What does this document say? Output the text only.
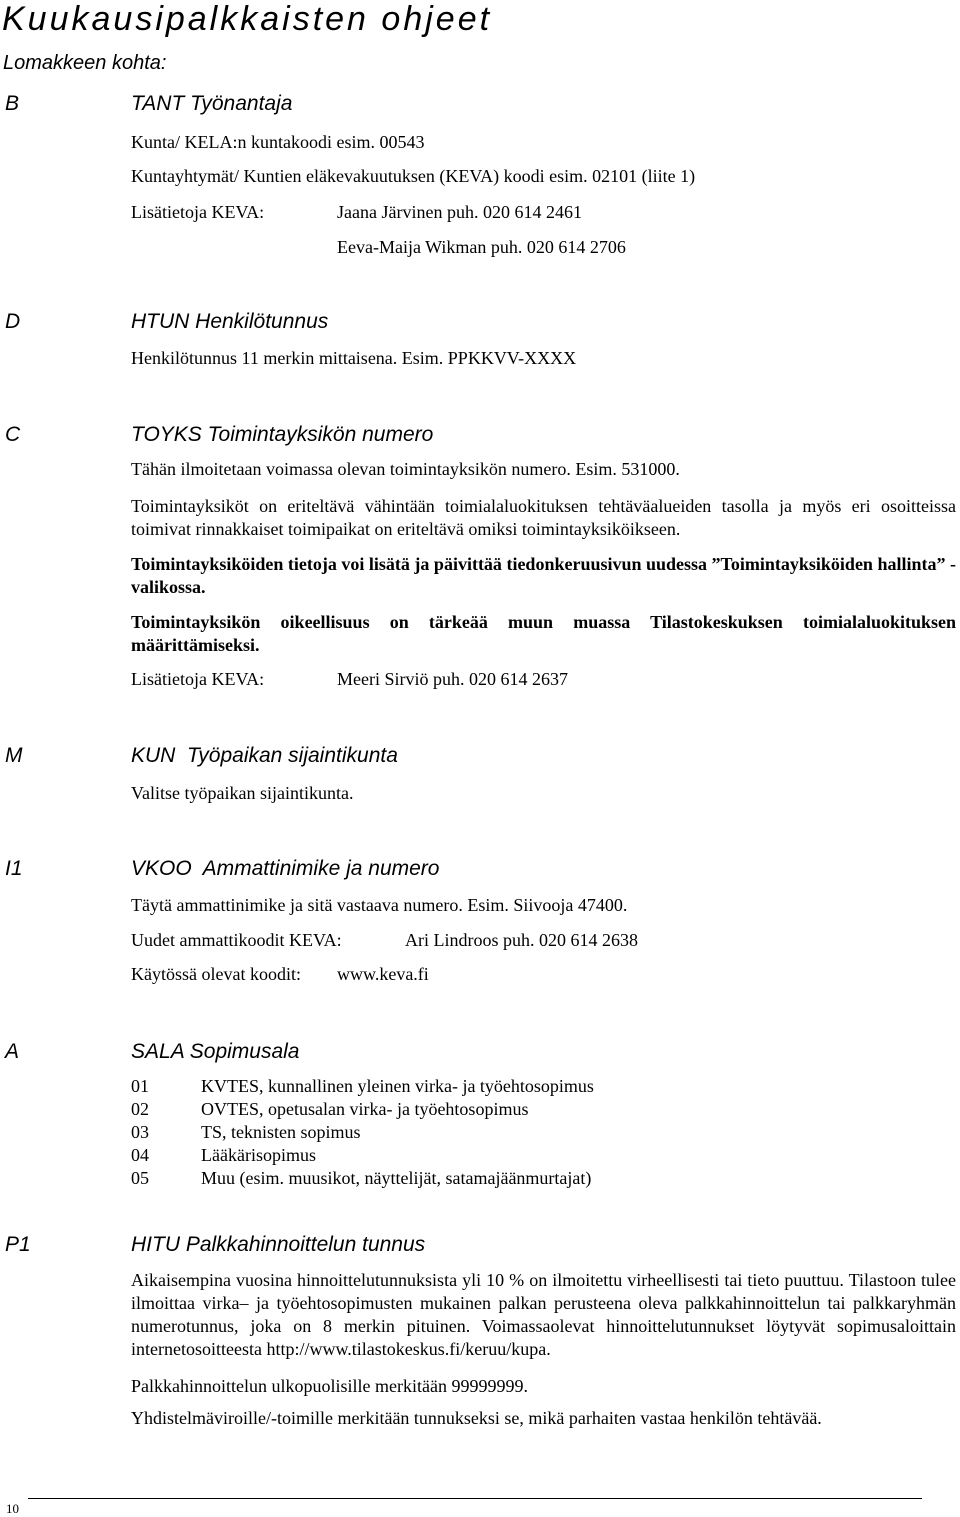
Kuukausipalkkaisten ohjeet
Lomakkeen kohta:
B	TANT Työnantaja
Kunta/ KELA:n kuntakoodi esim. 00543
Kuntayhtymät/ Kuntien eläkevakuutuksen (KEVA) koodi esim. 02101 (liite 1)
Lisätietoja KEVA:	Jaana Järvinen puh. 020 614 2461
Eeva-Maija Wikman puh. 020 614 2706
D	HTUN Henkilötunnus
Henkilötunnus 11 merkin mittaisena. Esim. PPKKVV-XXXX
C	TOYKS Toimintayksikön numero
Tähän ilmoitetaan voimassa olevan toimintayksikön numero. Esim. 531000.
Toimintayksiköt on eriteltävä vähintään toimialaluokituksen tehtäväalueiden tasolla ja myös eri osoitteissa toimivat rinnakkaiset toimipaikat on eriteltävä omiksi toimintayksiköikseen.
Toimintayksiköiden tietoja voi lisätä ja päivittää tiedonkeruusivun uudessa ”Toimintayksiköiden hallinta” - valikossa.
Toimintayksikön oikeellisuus on tärkeää muun muassa Tilastokeskuksen toimialaluokituksen määrittämiseksi.
Lisätietoja KEVA:	Meeri Sirviö puh. 020 614 2637
M	KUN  Työpaikan sijaintikunta
Valitse työpaikan sijaintikunta.
I1	VKOO  Ammattinimike ja numero
Täytä ammattinimike ja sitä vastaava numero. Esim. Siivooja 47400.
Uudet ammattikoodit KEVA:	Ari Lindroos puh. 020 614 2638
Käytössä olevat koodit: www.keva.fi
A	SALA Sopimusala
01	KVTES, kunnallinen yleinen virka- ja työehtosopimus
02	OVTES, opetusalan virka- ja työehtosopimus
03	TS, teknisten sopimus
04	Lääkärisopimus
05	Muu (esim. muusikot, näyttelijät, satamajäänmurtajat)
P1	HITU Palkkahinnoittelun tunnus
Aikaisempina vuosina hinnoittelutunnuksista yli 10 % on ilmoitettu virheellisesti tai tieto puuttuu. Tilastoon tulee ilmoittaa virka– ja työehtosopimusten mukainen palkan perusteena oleva palkkahinnoittelun tai palkkaryhmän numerotunnus, joka on 8 merkin pituinen. Voimassaolevat hinnoittelutunnukset löytyvät sopimusaloittain internetosoitteesta http://www.tilastokeskus.fi/keruu/kupa.
Palkkahinnoittelun ulkopuolisille merkitään 99999999.
Yhdistelmäviroille/-toimille merkitään tunnukseksi se, mikä parhaiten vastaa henkilön tehtävää.
10
